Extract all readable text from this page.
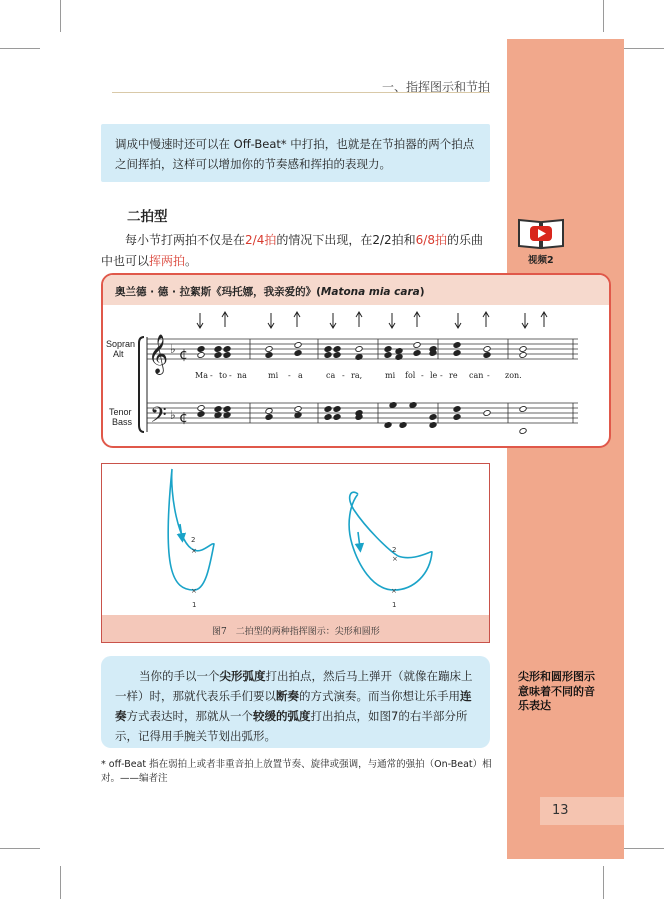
一、指挥图示和节拍
调成中慢速时还可以在 Off-Beat* 中打拍，也就是在节拍器的两个拍点之间挥拍，这样可以增加你的节奏感和挥拍的表现力。
二拍型
每小节打两拍不仅是在2/4拍的情况下出现，在2/2拍和6/8拍的乐曲中也可以挥两拍。
奥兰德 · 德 · 拉絮斯《玛托娜，我亲爱的》(Matona mia cara)
Sopran
Alt
Tenor
Bass
𝄞
𝄢
♭
♭
¢
¢
Ma - to - na	mi - a	ca - ra,	mi fol - le - re can - zon.
2
×
×
1
2
×
×
1
图7　二拍型的两种指挥图示：尖形和圆形
当你的手以一个尖形弧度打出拍点，然后马上弹开（就像在蹦床上一样）时，那就代表乐手们要以断奏的方式演奏。而当你想让乐手用连奏方式表达时，那就从一个较缓的弧度打出拍点，如图7的右半部分所示，记得用手腕关节划出弧形。
* off-Beat 指在弱拍上或者非重音拍上放置节奏、旋律或强调，与通常的强拍（On-Beat）相对。——编者注
视频2
尖形和圆形图示意味着不同的音乐表达
13
